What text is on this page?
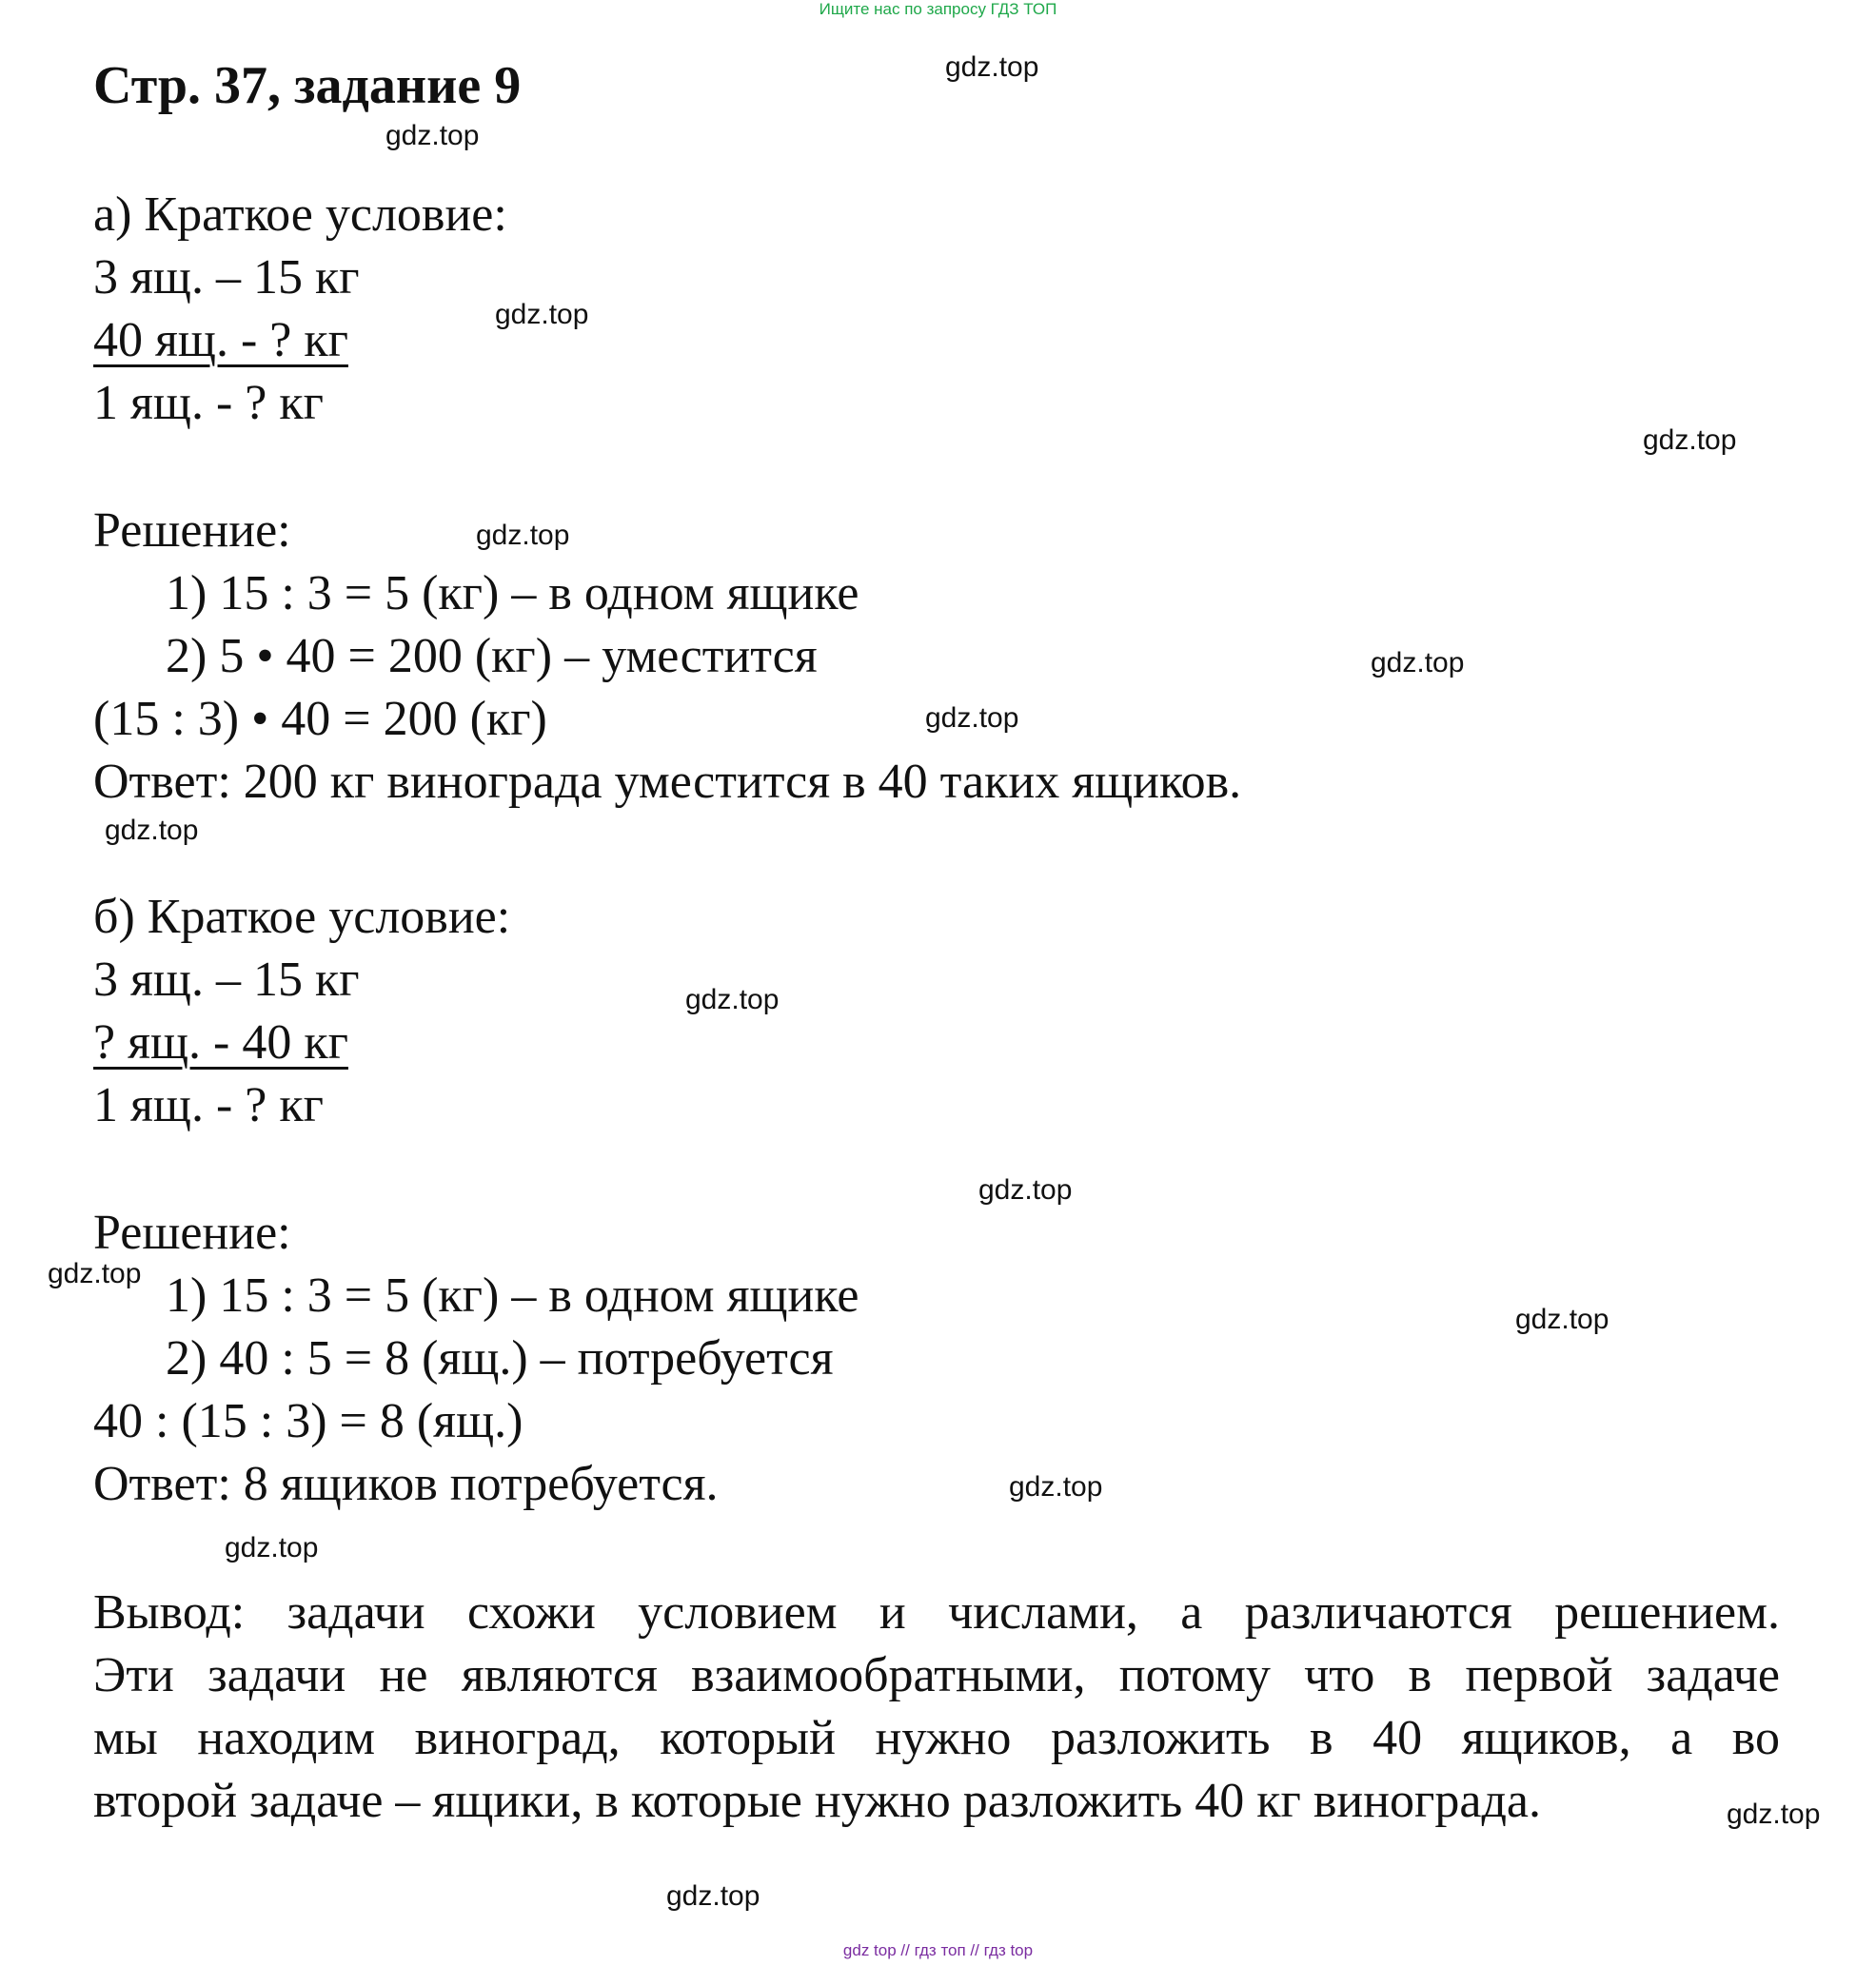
Ищите нас по запросу ГДЗ ТОП
Стр. 37, задание 9
а) Краткое условие:
3 ящ. – 15 кг
40 ящ. - ? кг
1 ящ. - ? кг
Решение:
1) 15 : 3 = 5 (кг) – в одном ящике
2) 5 • 40 = 200 (кг) – уместится
(15 : 3) • 40 = 200 (кг)
Ответ: 200 кг винограда уместится в 40 таких ящиков.
б) Краткое условие:
3 ящ. – 15 кг
? ящ. - 40 кг
1 ящ. - ? кг
Решение:
1) 15 : 3 = 5 (кг) – в одном ящике
2) 40 : 5 = 8 (ящ.) – потребуется
40 : (15 : 3) = 8 (ящ.)
Ответ: 8 ящиков потребуется.
Вывод: задачи схожи условием и числами, а различаются решением.
Эти задачи не являются взаимообратными, потому что в первой задаче
мы находим виноград, который нужно разложить в 40 ящиков, а во
второй задаче – ящики, в которые нужно разложить 40 кг винограда.
gdz.top
gdz.top
gdz.top
gdz.top
gdz.top
gdz.top
gdz.top
gdz.top
gdz.top
gdz.top
gdz.top
gdz.top
gdz.top
gdz.top
gdz.top
gdz.top
gdz top // гдз топ // гдз top
